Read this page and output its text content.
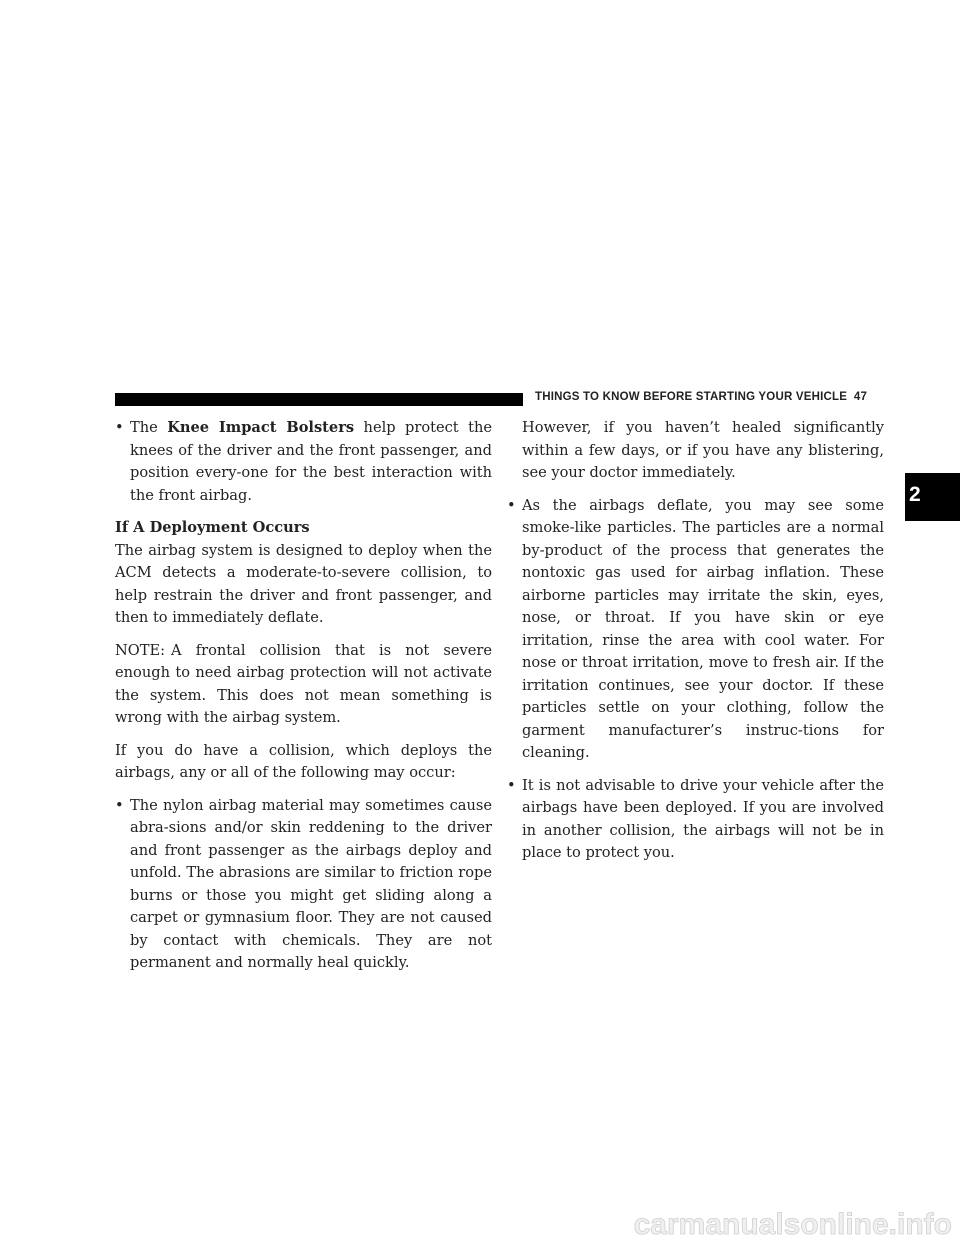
THINGS TO KNOW BEFORE STARTING YOUR VEHICLE 47
2
• The Knee Impact Bolsters help protect the knees of the driver and the front passenger, and position every-one for the best interaction with the front airbag.

If A Deployment Occurs

The airbag system is designed to deploy when the ACM detects a moderate-to-severe collision, to help restrain the driver and front passenger, and then to immediately deflate.

NOTE: A frontal collision that is not severe enough to need airbag protection will not activate the system. This does not mean something is wrong with the airbag system.

If you do have a collision, which deploys the airbags, any or all of the following may occur:

• The nylon airbag material may sometimes cause abra-sions and/or skin reddening to the driver and front passenger as the airbags deploy and unfold. The abrasions are similar to friction rope burns or those you might get sliding along a carpet or gymnasium floor. They are not caused by contact with chemicals. They are not permanent and normally heal quickly.

However, if you haven’t healed significantly within a few days, or if you have any blistering, see your doctor immediately.

• As the airbags deflate, you may see some smoke-like particles. The particles are a normal by-product of the process that generates the nontoxic gas used for airbag inflation. These airborne particles may irritate the skin, eyes, nose, or throat. If you have skin or eye irritation, rinse the area with cool water. For nose or throat irritation, move to fresh air. If the irritation continues, see your doctor. If these particles settle on your clothing, follow the garment manufacturer’s instruc-tions for cleaning.
• It is not advisable to drive your vehicle after the airbags have been deployed. If you are involved in another collision, the airbags will not be in place to protect you.
carmanualsonline.info
